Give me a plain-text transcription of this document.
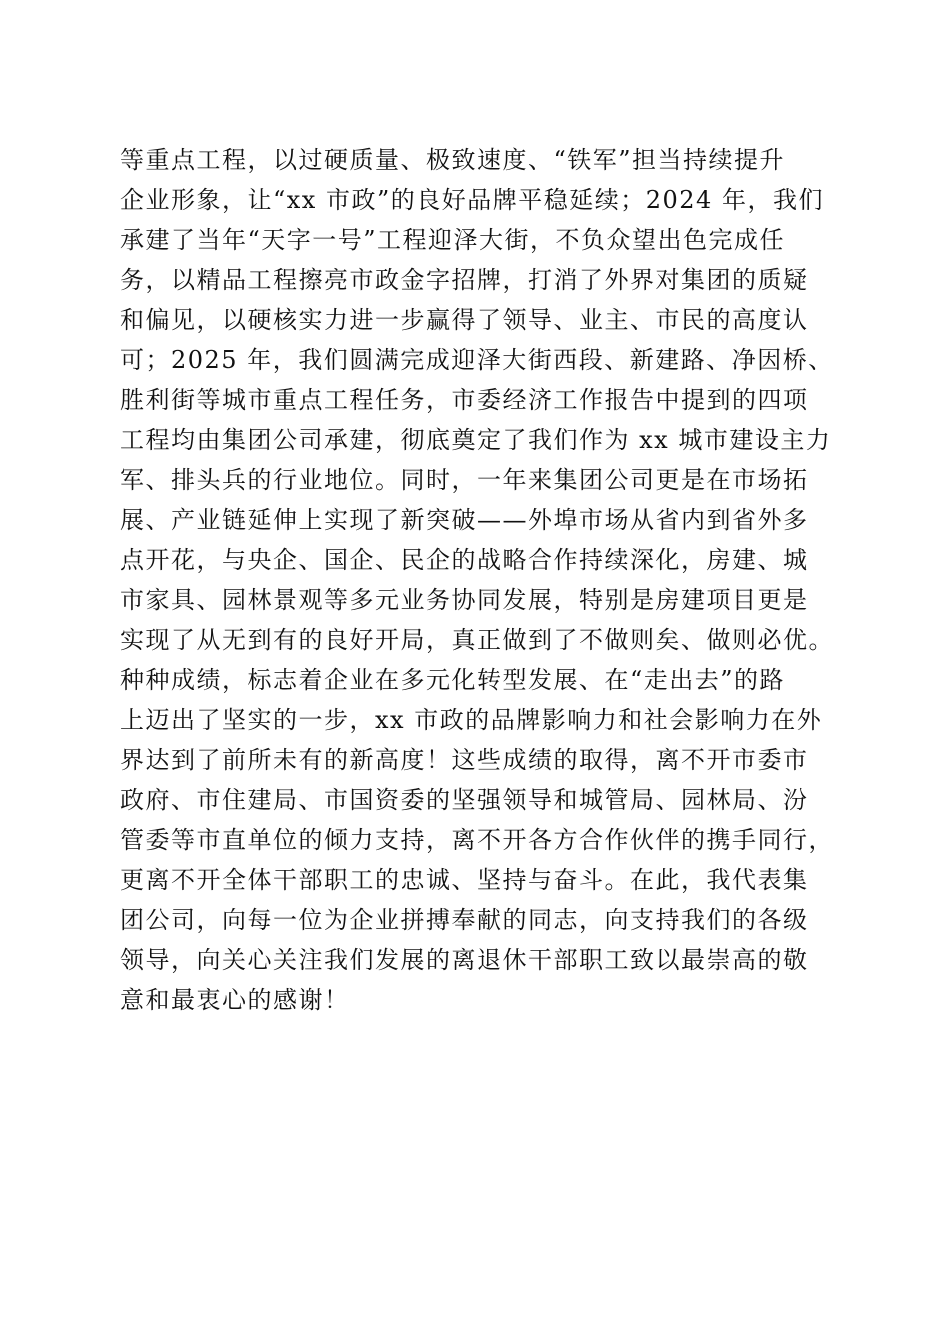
等重点工程，以过硬质量、极致速度、“铁军”担当持续提升
企业形象，让“xx 市政”的良好品牌平稳延续；2024 年，我们
承建了当年“天字一号”工程迎泽大街，不负众望出色完成任
务，以精品工程擦亮市政金字招牌，打消了外界对集团的质疑
和偏见，以硬核实力进一步赢得了领导、业主、市民的高度认
可；2025 年，我们圆满完成迎泽大街西段、新建路、净因桥、
胜利街等城市重点工程任务，市委经济工作报告中提到的四项
工程均由集团公司承建，彻底奠定了我们作为 xx 城市建设主力
军、排头兵的行业地位。同时，一年来集团公司更是在市场拓
展、产业链延伸上实现了新突破——外埠市场从省内到省外多
点开花，与央企、国企、民企的战略合作持续深化，房建、城
市家具、园林景观等多元业务协同发展，特别是房建项目更是
实现了从无到有的良好开局，真正做到了不做则矣、做则必优。
种种成绩，标志着企业在多元化转型发展、在“走出去”的路
上迈出了坚实的一步，xx 市政的品牌影响力和社会影响力在外
界达到了前所未有的新高度！这些成绩的取得，离不开市委市
政府、市住建局、市国资委的坚强领导和城管局、园林局、汾
管委等市直单位的倾力支持，离不开各方合作伙伴的携手同行，
更离不开全体干部职工的忠诚、坚持与奋斗。在此，我代表集
团公司，向每一位为企业拼搏奉献的同志，向支持我们的各级
领导，向关心关注我们发展的离退休干部职工致以最崇高的敬
意和最衷心的感谢！
